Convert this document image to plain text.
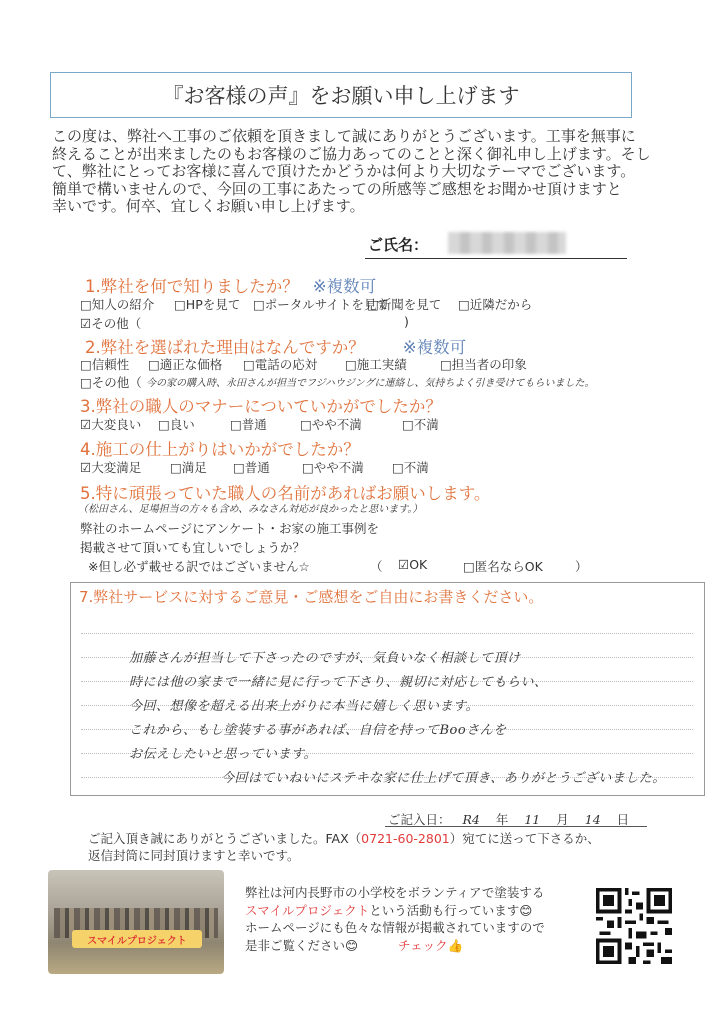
『お客様の声』をお願い申し上げます
この度は、弊社へ工事のご依頼を頂きまして誠にありがとうございます。工事を無事に
終えることが出来ましたのもお客様のご協力あってのことと深く御礼申し上げます。そし
て、弊社にとってお客様に喜んで頂けたかどうかは何より大切なテーマでございます。
簡単で構いませんので、今回の工事にあたっての所感等ご感想をお聞かせ頂けますと
幸いです。何卒、宜しくお願い申し上げます。
ご氏名：
1.弊社を何で知りましたか？ ※複数可
□知人の紹介 □HPを見て □ポータルサイトを見て
□新聞を見て □近隣だから
☑その他（	)
2.弊社を選ばれた理由はなんですか？ ※複数可
□信頼性 □適正な価格 □電話の応対 □施工実績	□担当者の印象
□その他（ 今の家の購入時、永田さんが担当でフジハウジングに連絡し、気持ちよく引き受けてもらいました。
3.弊社の職人のマナーについていかがでしたか？
☑大変良い □良い	□普通	□やや不満	□不満
4.施工の仕上がりはいかがでしたか？
☑大変満足 □満足 □普通	□やや不満 □不満
5.特に頑張っていた職人の名前があればお願いします。
（松田さん、足場担当の方々も含め、みなさん対応が良かったと思います。）
弊社のホームページにアンケート・お家の施工事例を
掲載させて頂いても宜しいでしょうか？
※但し必ず載せる訳ではございません☆	（ ☑OK	□匿名ならOK	）
7.弊社サービスに対するご意見・ご感想をご自由にお書きください。
加藤さんが担当して下さったのですが、気負いなく相談して頂け
時には他の家まで一緒に見に行って下さり、親切に対応してもらい、
今回、想像を超える出来上がりに本当に嬉しく思います。
これから、もし塗装する事があれば、自信を持ってBooさんを
お伝えしたいと思っています。
今回はていねいにステキな家に仕上げて頂き、ありがとうございました。
ご記入日： R4 年 11 月 14 日
ご記入頂き誠にありがとうございました。FAX（0721-60-2801）宛てに送って下さるか、
返信封筒に同封頂けますと幸いです。
スマイルプロジェクト
弊社は河内長野市の小学校をボランティアで塗装する
スマイルプロジェクトという活動も行っています😊
ホームページにも色々な情報が掲載されていますので
是非ご覧ください😊	チェック👍
